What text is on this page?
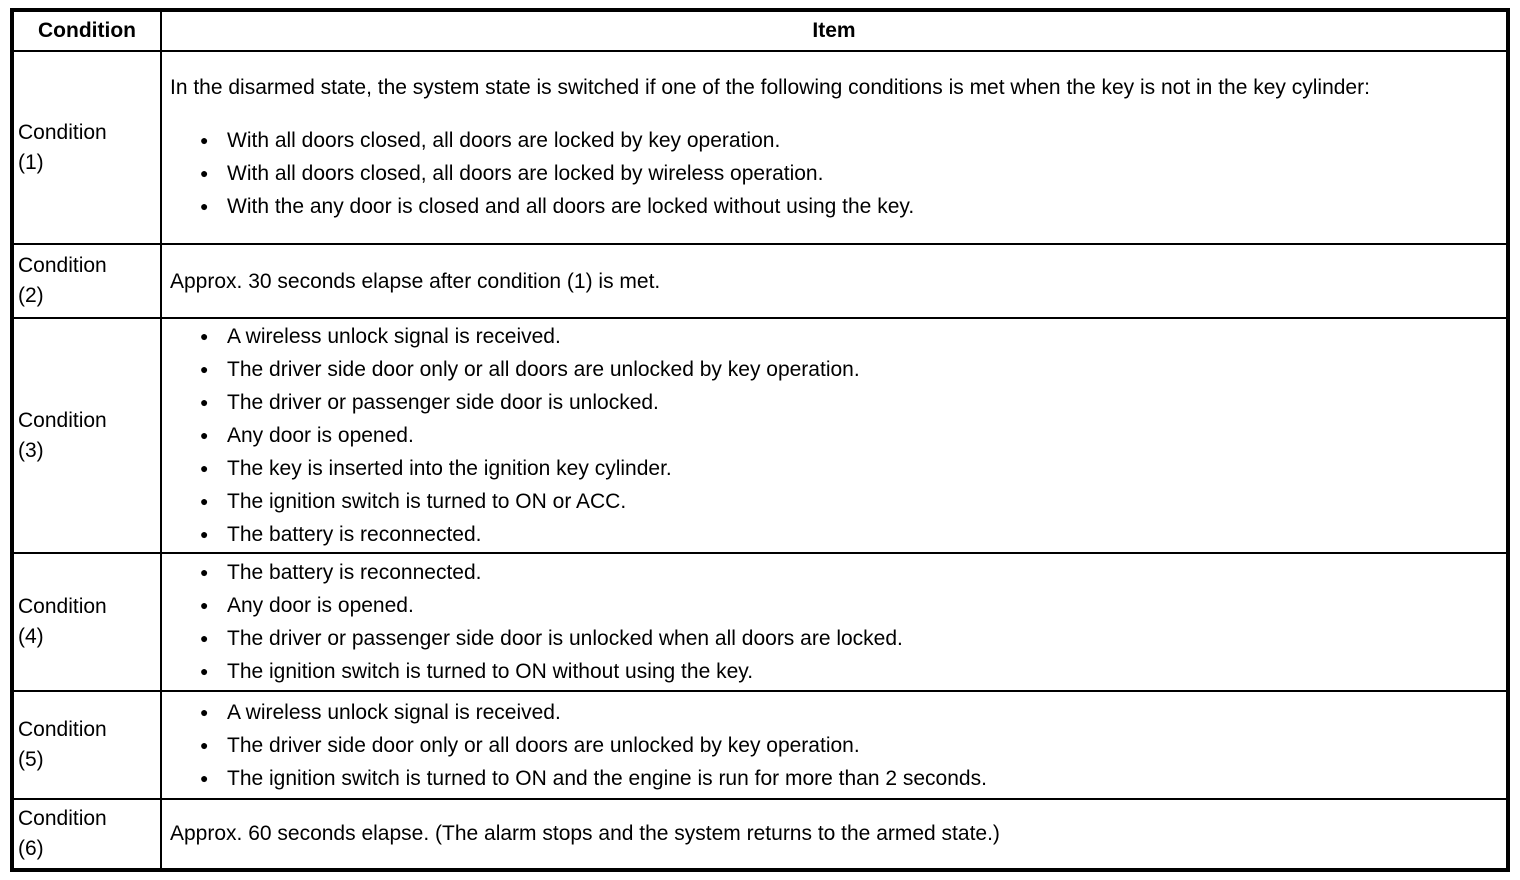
Condition	Item
Condition
(1)
In the disarmed state, the system state is switched if one of the following conditions is met when the key is not in the key cylinder:
● With all doors closed, all doors are locked by key operation.
● With all doors closed, all doors are locked by wireless operation.
● With the any door is closed and all doors are locked without using the key.
Condition
(2)
Approx. 30 seconds elapse after condition (1) is met.
Condition
(3)
● A wireless unlock signal is received.
● The driver side door only or all doors are unlocked by key operation.
● The driver or passenger side door is unlocked.
● Any door is opened.
● The key is inserted into the ignition key cylinder.
● The ignition switch is turned to ON or ACC.
● The battery is reconnected.
Condition
(4)
● The battery is reconnected.
● Any door is opened.
● The driver or passenger side door is unlocked when all doors are locked.
● The ignition switch is turned to ON without using the key.
Condition
(5)
● A wireless unlock signal is received.
● The driver side door only or all doors are unlocked by key operation.
● The ignition switch is turned to ON and the engine is run for more than 2 seconds.
Condition
(6)
Approx. 60 seconds elapse. (The alarm stops and the system returns to the armed state.)
